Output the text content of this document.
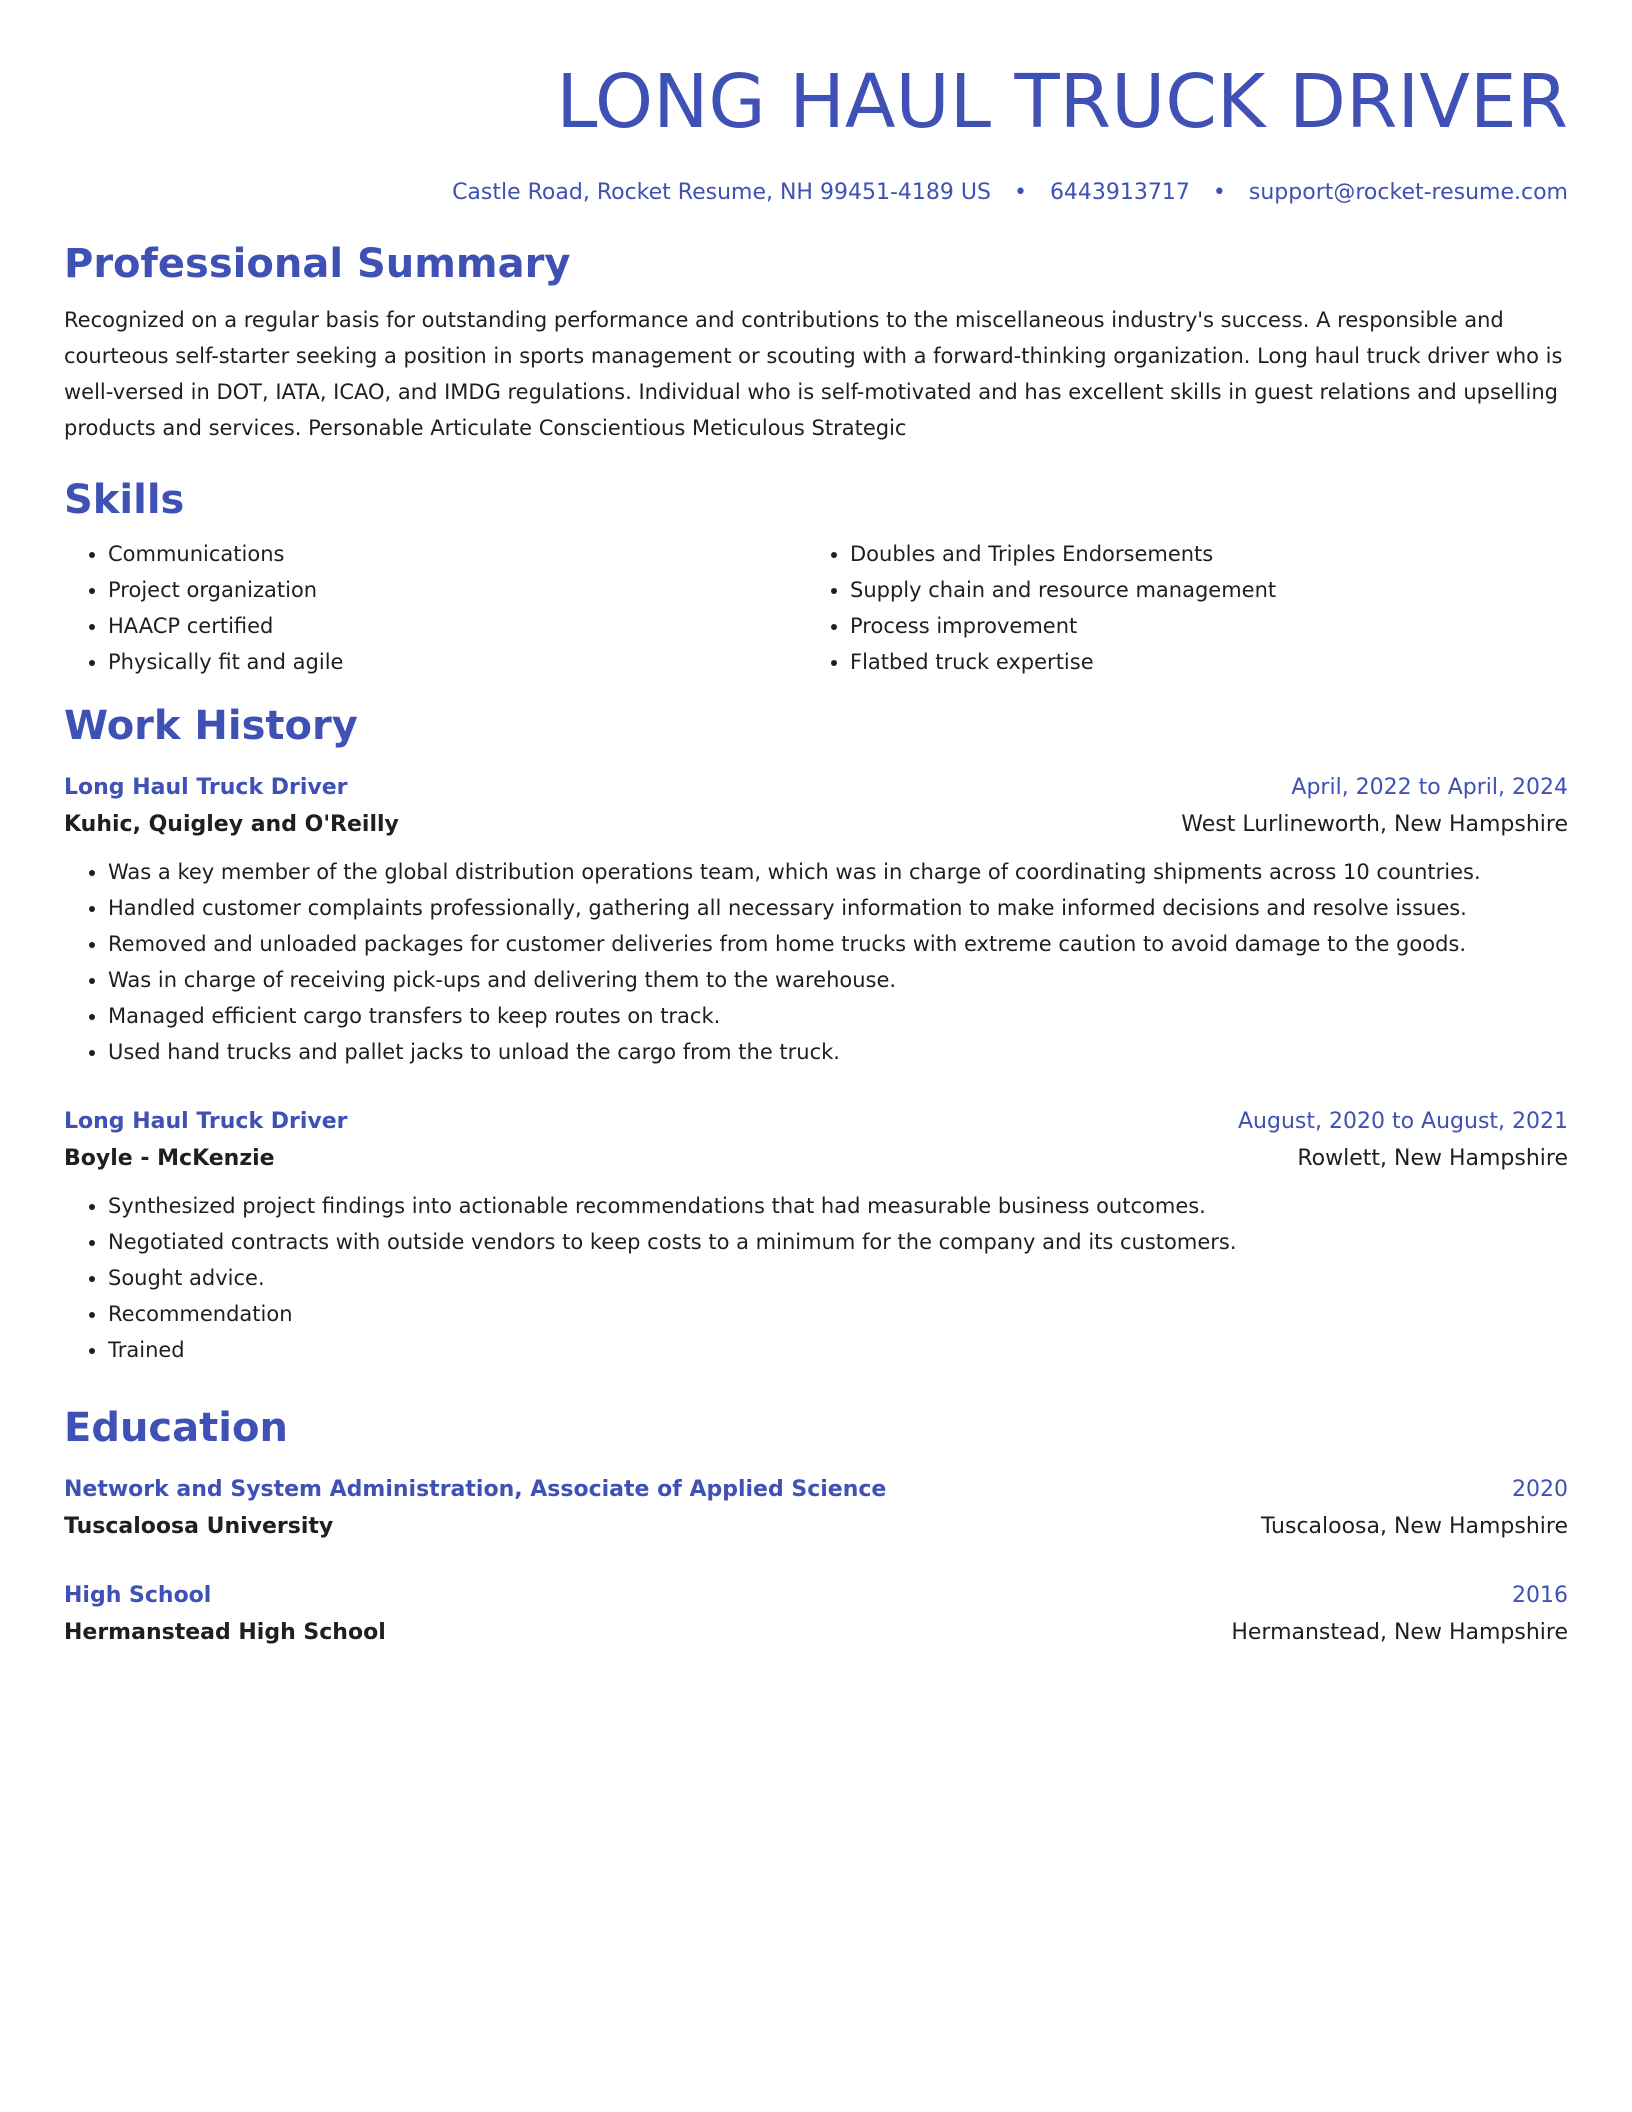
LONG HAUL TRUCK DRIVER
Castle Road, Rocket Resume, NH 99451-4189 US • 6443913717 • support@rocket-resume.com
Professional Summary
Recognized on a regular basis for outstanding performance and contributions to the miscellaneous industry's success. A responsible and courteous self-starter seeking a position in sports management or scouting with a forward-thinking organization. Long haul truck driver who is well-versed in DOT, IATA, ICAO, and IMDG regulations. Individual who is self-motivated and has excellent skills in guest relations and upselling products and services. Personable Articulate Conscientious Meticulous Strategic
Skills
• Communications
• Project organization
• HAACP certified
• Physically fit and agile
• Doubles and Triples Endorsements
• Supply chain and resource management
• Process improvement
• Flatbed truck expertise
Work History
Long Haul Truck Driver	April, 2022 to April, 2024
Kuhic, Quigley and O'Reilly	West Lurlineworth, New Hampshire
• Was a key member of the global distribution operations team, which was in charge of coordinating shipments across 10 countries.
• Handled customer complaints professionally, gathering all necessary information to make informed decisions and resolve issues.
• Removed and unloaded packages for customer deliveries from home trucks with extreme caution to avoid damage to the goods.
• Was in charge of receiving pick-ups and delivering them to the warehouse.
• Managed efficient cargo transfers to keep routes on track.
• Used hand trucks and pallet jacks to unload the cargo from the truck.
Long Haul Truck Driver	August, 2020 to August, 2021
Boyle - McKenzie	Rowlett, New Hampshire
• Synthesized project findings into actionable recommendations that had measurable business outcomes.
• Negotiated contracts with outside vendors to keep costs to a minimum for the company and its customers.
• Sought advice.
• Recommendation
• Trained
Education
Network and System Administration, Associate of Applied Science	2020
Tuscaloosa University	Tuscaloosa, New Hampshire
High School	2016
Hermanstead High School	Hermanstead, New Hampshire
